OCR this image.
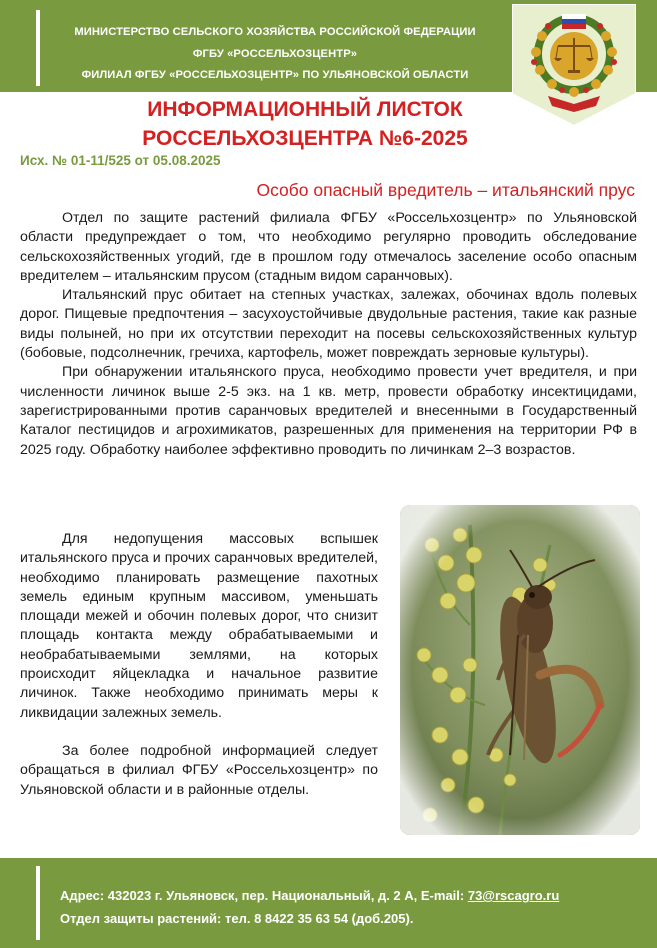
МИНИСТЕРСТВО СЕЛЬСКОГО ХОЗЯЙСТВА РОССИЙСКОЙ ФЕДЕРАЦИИ
ФГБУ «РОССЕЛЬХОЗЦЕНТР»
ФИЛИАЛ ФГБУ «РОССЕЛЬХОЗЦЕНТР» ПО УЛЬЯНОВСКОЙ ОБЛАСТИ
ИНФОРМАЦИОННЫЙ ЛИСТОК
РОССЕЛЬХОЗЦЕНТРА №6-2025
Исх. № 01-11/525 от 05.08.2025
Особо опасный вредитель – итальянский прус

Отдел по защите растений филиала ФГБУ «Россельхозцентр» по Ульяновской области предупреждает о том, что необходимо регулярно проводить обследование сельскохозяйственных угодий, где в прошлом году отмечалось заселение особо опасным вредителем – итальянским прусом (стадным видом саранчовых).

Итальянский прус обитает на степных участках, залежах, обочинах вдоль полевых дорог. Пищевые предпочтения – засухоустойчивые двудольные растения, такие как разные виды полыней, но при их отсутствии переходит на посевы сельскохозяйственных культур (бобовые, подсолнечник, гречиха, картофель, может повреждать зерновые культуры).

При обнаружении итальянского пруса, необходимо провести учет вредителя, и при численности личинок выше 2-5 экз. на 1 кв. метр, провести обработку инсектицидами, зарегистрированными против саранчовых вредителей и внесенными в Государственный Каталог пестицидов и агрохимикатов, разрешенных для применения на территории РФ в 2025 году. Обработку наиболее эффективно проводить по личинкам 2–3 возрастов.

Для недопущения массовых вспышек итальянского пруса и прочих саранчовых вредителей, необходимо планировать размещение пахотных земель единым крупным массивом, уменьшать площади межей и обочин полевых дорог, что снизит площадь контакта между обрабатываемыми и необрабатываемыми землями, на которых происходит яйцекладка и начальное развитие личинок. Также необходимо принимать меры к ликвидации залежных земель.

За более подробной информацией следует обращаться в филиал ФГБУ «Россельхозцентр» по Ульяновской области и в районные отделы.

Адрес: 432023 г. Ульяновск, пер. Национальный, д. 2 А, E-mail: 73@rscagro.ru
Отдел защиты растений: тел. 8 8422 35 63 54 (доб.205).
